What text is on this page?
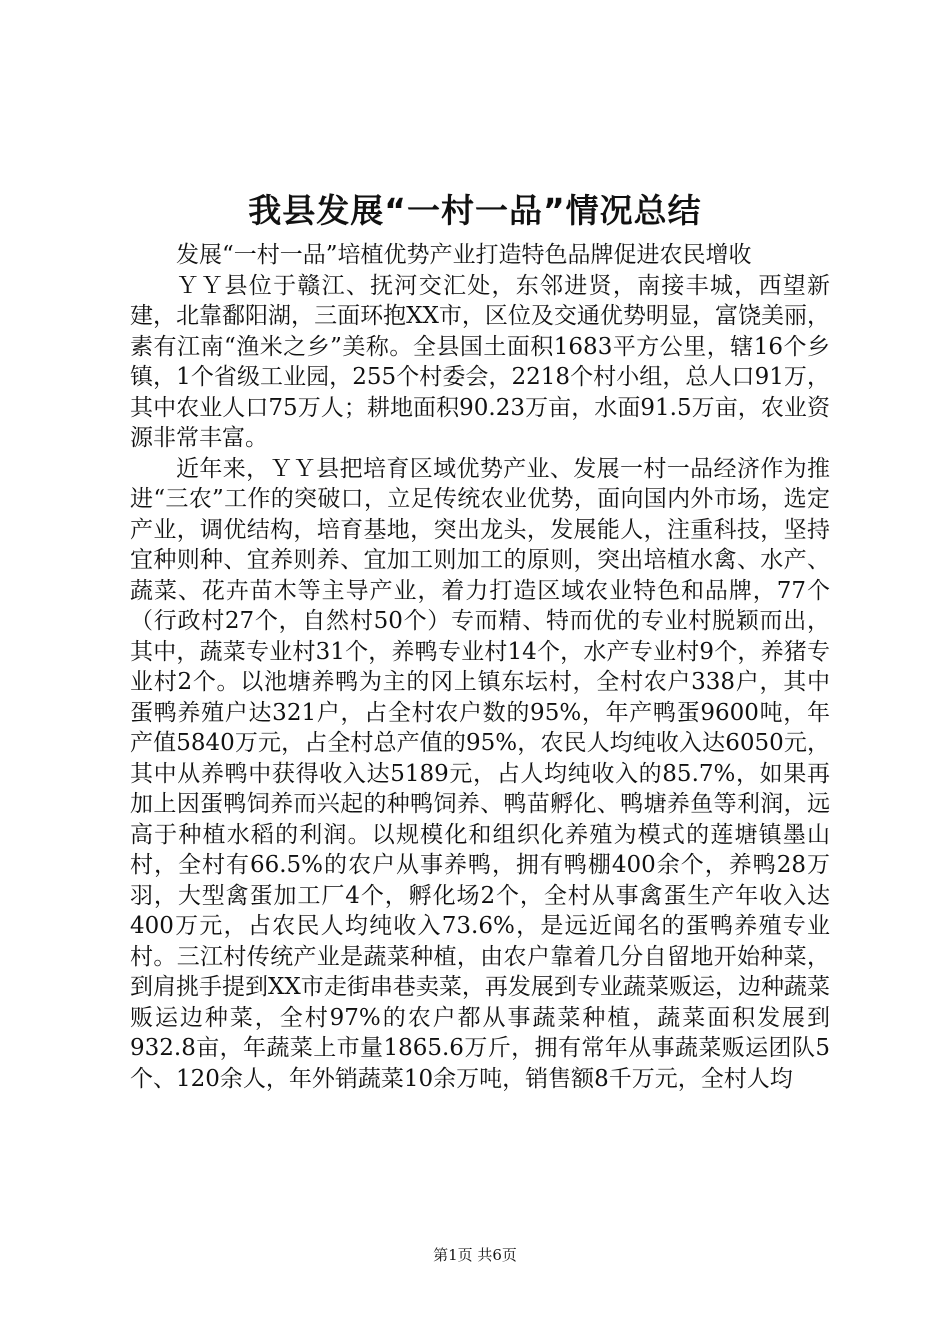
我县发展“一村一品”情况总结

发展“一村一品”培植优势产业打造特色品牌促进农民增收

ＹＹ县位于赣江、抚河交汇处，东邻进贤，南接丰城，西望新建，北靠鄱阳湖，三面环抱XX市，区位及交通优势明显，富饶美丽，素有江南“渔米之乡”美称。全县国土面积1683平方公里，辖16个乡镇，1个省级工业园，255个村委会，2218个村小组，总人口91万，其中农业人口75万人；耕地面积90.23万亩，水面91.5万亩，农业资源非常丰富。

近年来，ＹＹ县把培育区域优势产业、发展一村一品经济作为推进“三农”工作的突破口，立足传统农业优势，面向国内外市场，选定产业，调优结构，培育基地，突出龙头，发展能人，注重科技，坚持宜种则种、宜养则养、宜加工则加工的原则，突出培植水禽、水产、蔬菜、花卉苗木等主导产业，着力打造区域农业特色和品牌，77个（行政村27个，自然村50个）专而精、特而优的专业村脱颖而出，其中，蔬菜专业村31个，养鸭专业村14个，水产专业村9个，养猪专业村2个。以池塘养鸭为主的冈上镇东坛村，全村农户338户，其中蛋鸭养殖户达321户，占全村农户数的95%，年产鸭蛋9600吨，年产值5840万元，占全村总产值的95%，农民人均纯收入达6050元，其中从养鸭中获得收入达5189元，占人均纯收入的85.7%，如果再加上因蛋鸭饲养而兴起的种鸭饲养、鸭苗孵化、鸭塘养鱼等利润，远高于种植水稻的利润。以规模化和组织化养殖为模式的莲塘镇墨山村，全村有66.5%的农户从事养鸭，拥有鸭棚400余个，养鸭28万羽，大型禽蛋加工厂4个，孵化场2个，全村从事禽蛋生产年收入达400万元，占农民人均纯收入73.6%，是远近闻名的蛋鸭养殖专业村。三江村传统产业是蔬菜种植，由农户靠着几分自留地开始种菜，到肩挑手提到XX市走街串巷卖菜，再发展到专业蔬菜贩运，边种蔬菜贩运边种菜，全村97%的农户都从事蔬菜种植，蔬菜面积发展到932.8亩，年蔬菜上市量1865.6万斤，拥有常年从事蔬菜贩运团队5个、120余人，年外销蔬菜10余万吨，销售额8千万元，全村人均

第1页 共6页
